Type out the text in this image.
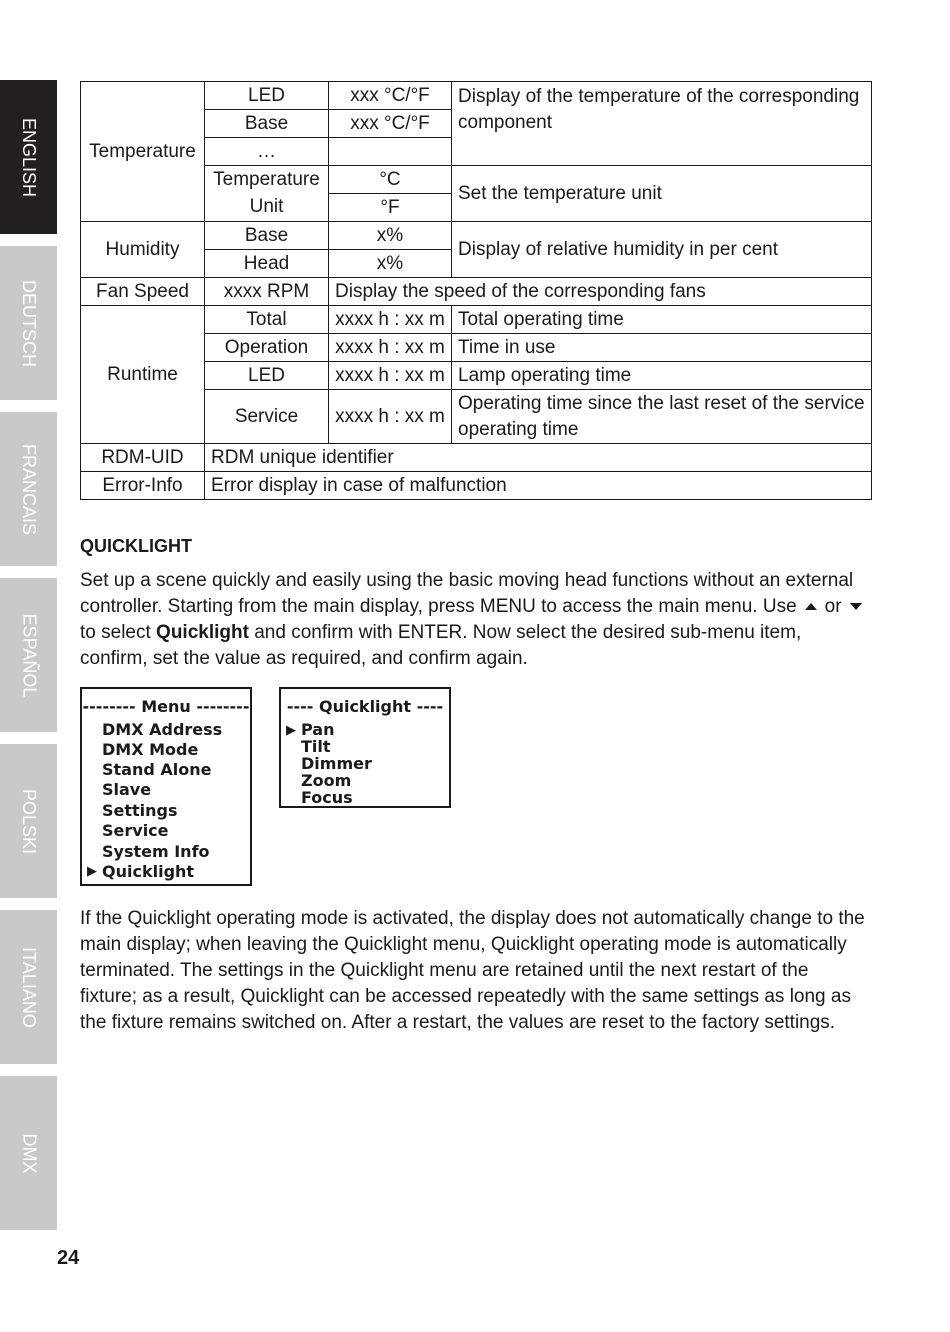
ENGLISH
DEUTSCH
FRANCAIS
ESPAÑOL
POLSKI
ITALIANO
DMX
Temperature	LED	xxx °C/°F	Display of the temperature of the corresponding component
	Base	xxx °C/°F	
	…		
	Temperature	°C	Set the temperature unit
	Unit	°F	
Humidity	Base	x%	Display of relative humidity in per cent
	Head	x%	
Fan Speed	xxxx RPM	Display the speed of the corresponding fans	
Runtime	Total	xxxx h : xx m	Total operating time
	Operation	xxxx h : xx m	Time in use
	LED	xxxx h : xx m	Lamp operating time
	Service	xxxx h : xx m	Operating time since the last reset of the service operating time
RDM-UID	RDM unique identifier		
Error-Info	Error display in case of malfunction		
QUICKLIGHT

Set up a scene quickly and easily using the basic moving head functions without an external controller. Starting from the main display, press MENU to access the main menu. Use orto select Quicklight and confirm with ENTER. Now select the desired sub-menu item, confirm, set the value as required, and confirm again.

-------- Menu --------
DMX Address
DMX Mode
Stand Alone
Slave
Settings
Service
System Info
▶ Quicklight
---- Quicklight ----
▶ Pan
Tilt
Dimmer
Zoom
Focus

If the Quicklight operating mode is activated, the display does not automatically change to the main display; when leaving the Quicklight menu, Quicklight operating mode is automatically terminated. The settings in the Quicklight menu are retained until the next restart of the fixture; as a result, Quicklight can be accessed repeatedly with the same settings as long as the fixture remains switched on. After a restart, the values are reset to the factory settings.

24
